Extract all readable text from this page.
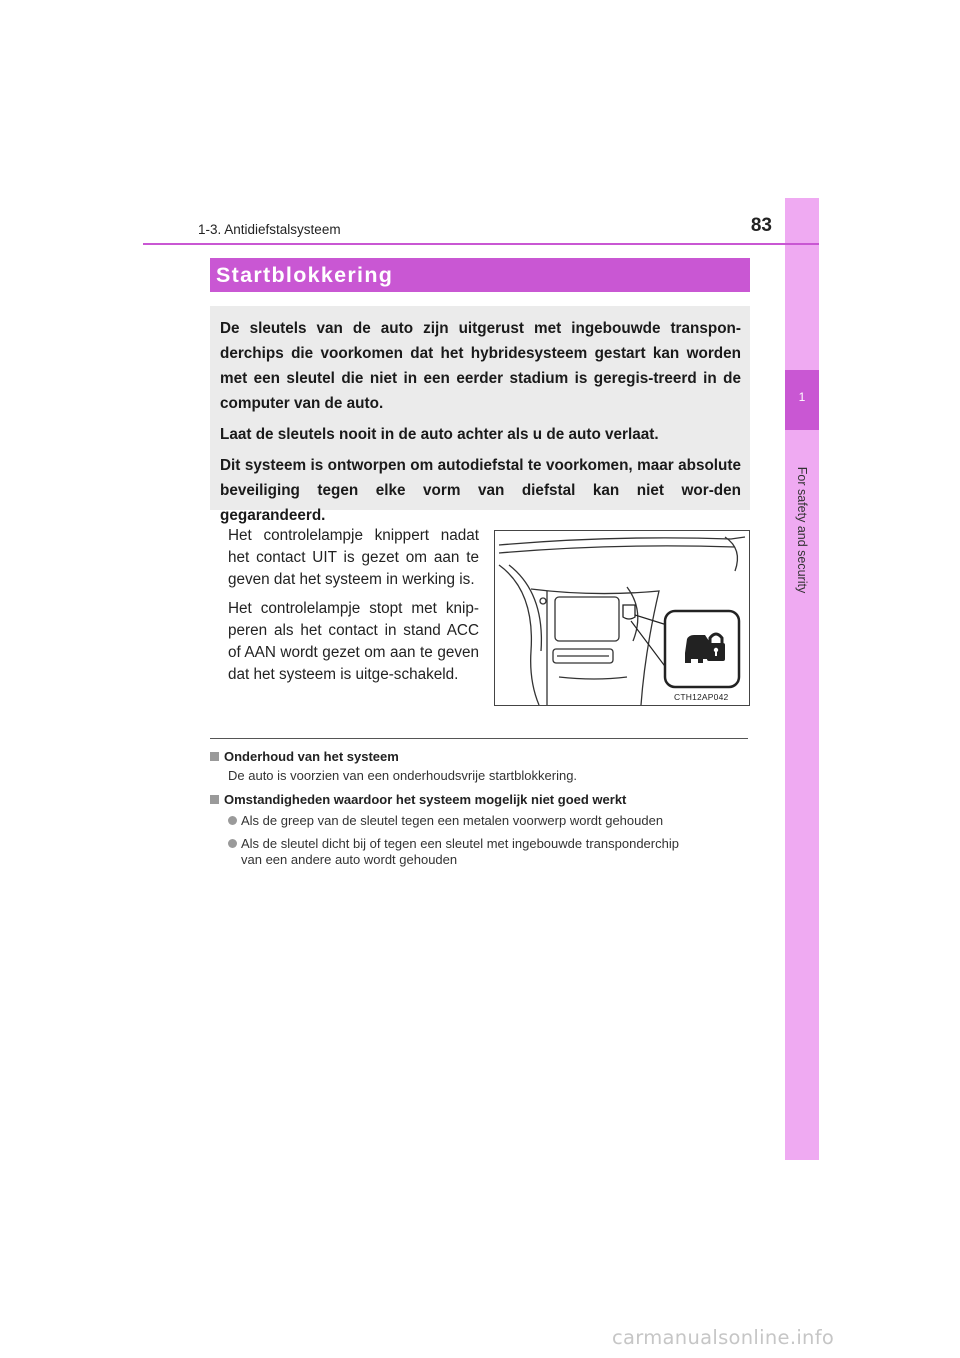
1
For safety and security
1-3. Antidiefstalsysteem	83
Startblokkering

De sleutels van de auto zijn uitgerust met ingebouwde transpon-derchips die voorkomen dat het hybridesysteem gestart kan worden met een sleutel die niet in een eerder stadium is geregis-treerd in de computer van de auto.

Laat de sleutels nooit in de auto achter als u de auto verlaat.

Dit systeem is ontworpen om autodiefstal te voorkomen, maar absolute beveiliging tegen elke vorm van diefstal kan niet wor-den gegarandeerd.

Het controlelampje knippert nadat het contact UIT is gezet om aan te geven dat het systeem in werking is.

Het controlelampje stopt met knip-peren als het contact in stand ACC of AAN wordt gezet om aan te geven dat het systeem is uitge-schakeld.

CTH12AP042
Onderhoud van het systeem
De auto is voorzien van een onderhoudsvrije startblokkering.
Omstandigheden waardoor het systeem mogelijk niet goed werkt
Als de greep van de sleutel tegen een metalen voorwerp wordt gehouden
Als de sleutel dicht bij of tegen een sleutel met ingebouwde transponderchip
van een andere auto wordt gehouden
carmanualsonline.info
